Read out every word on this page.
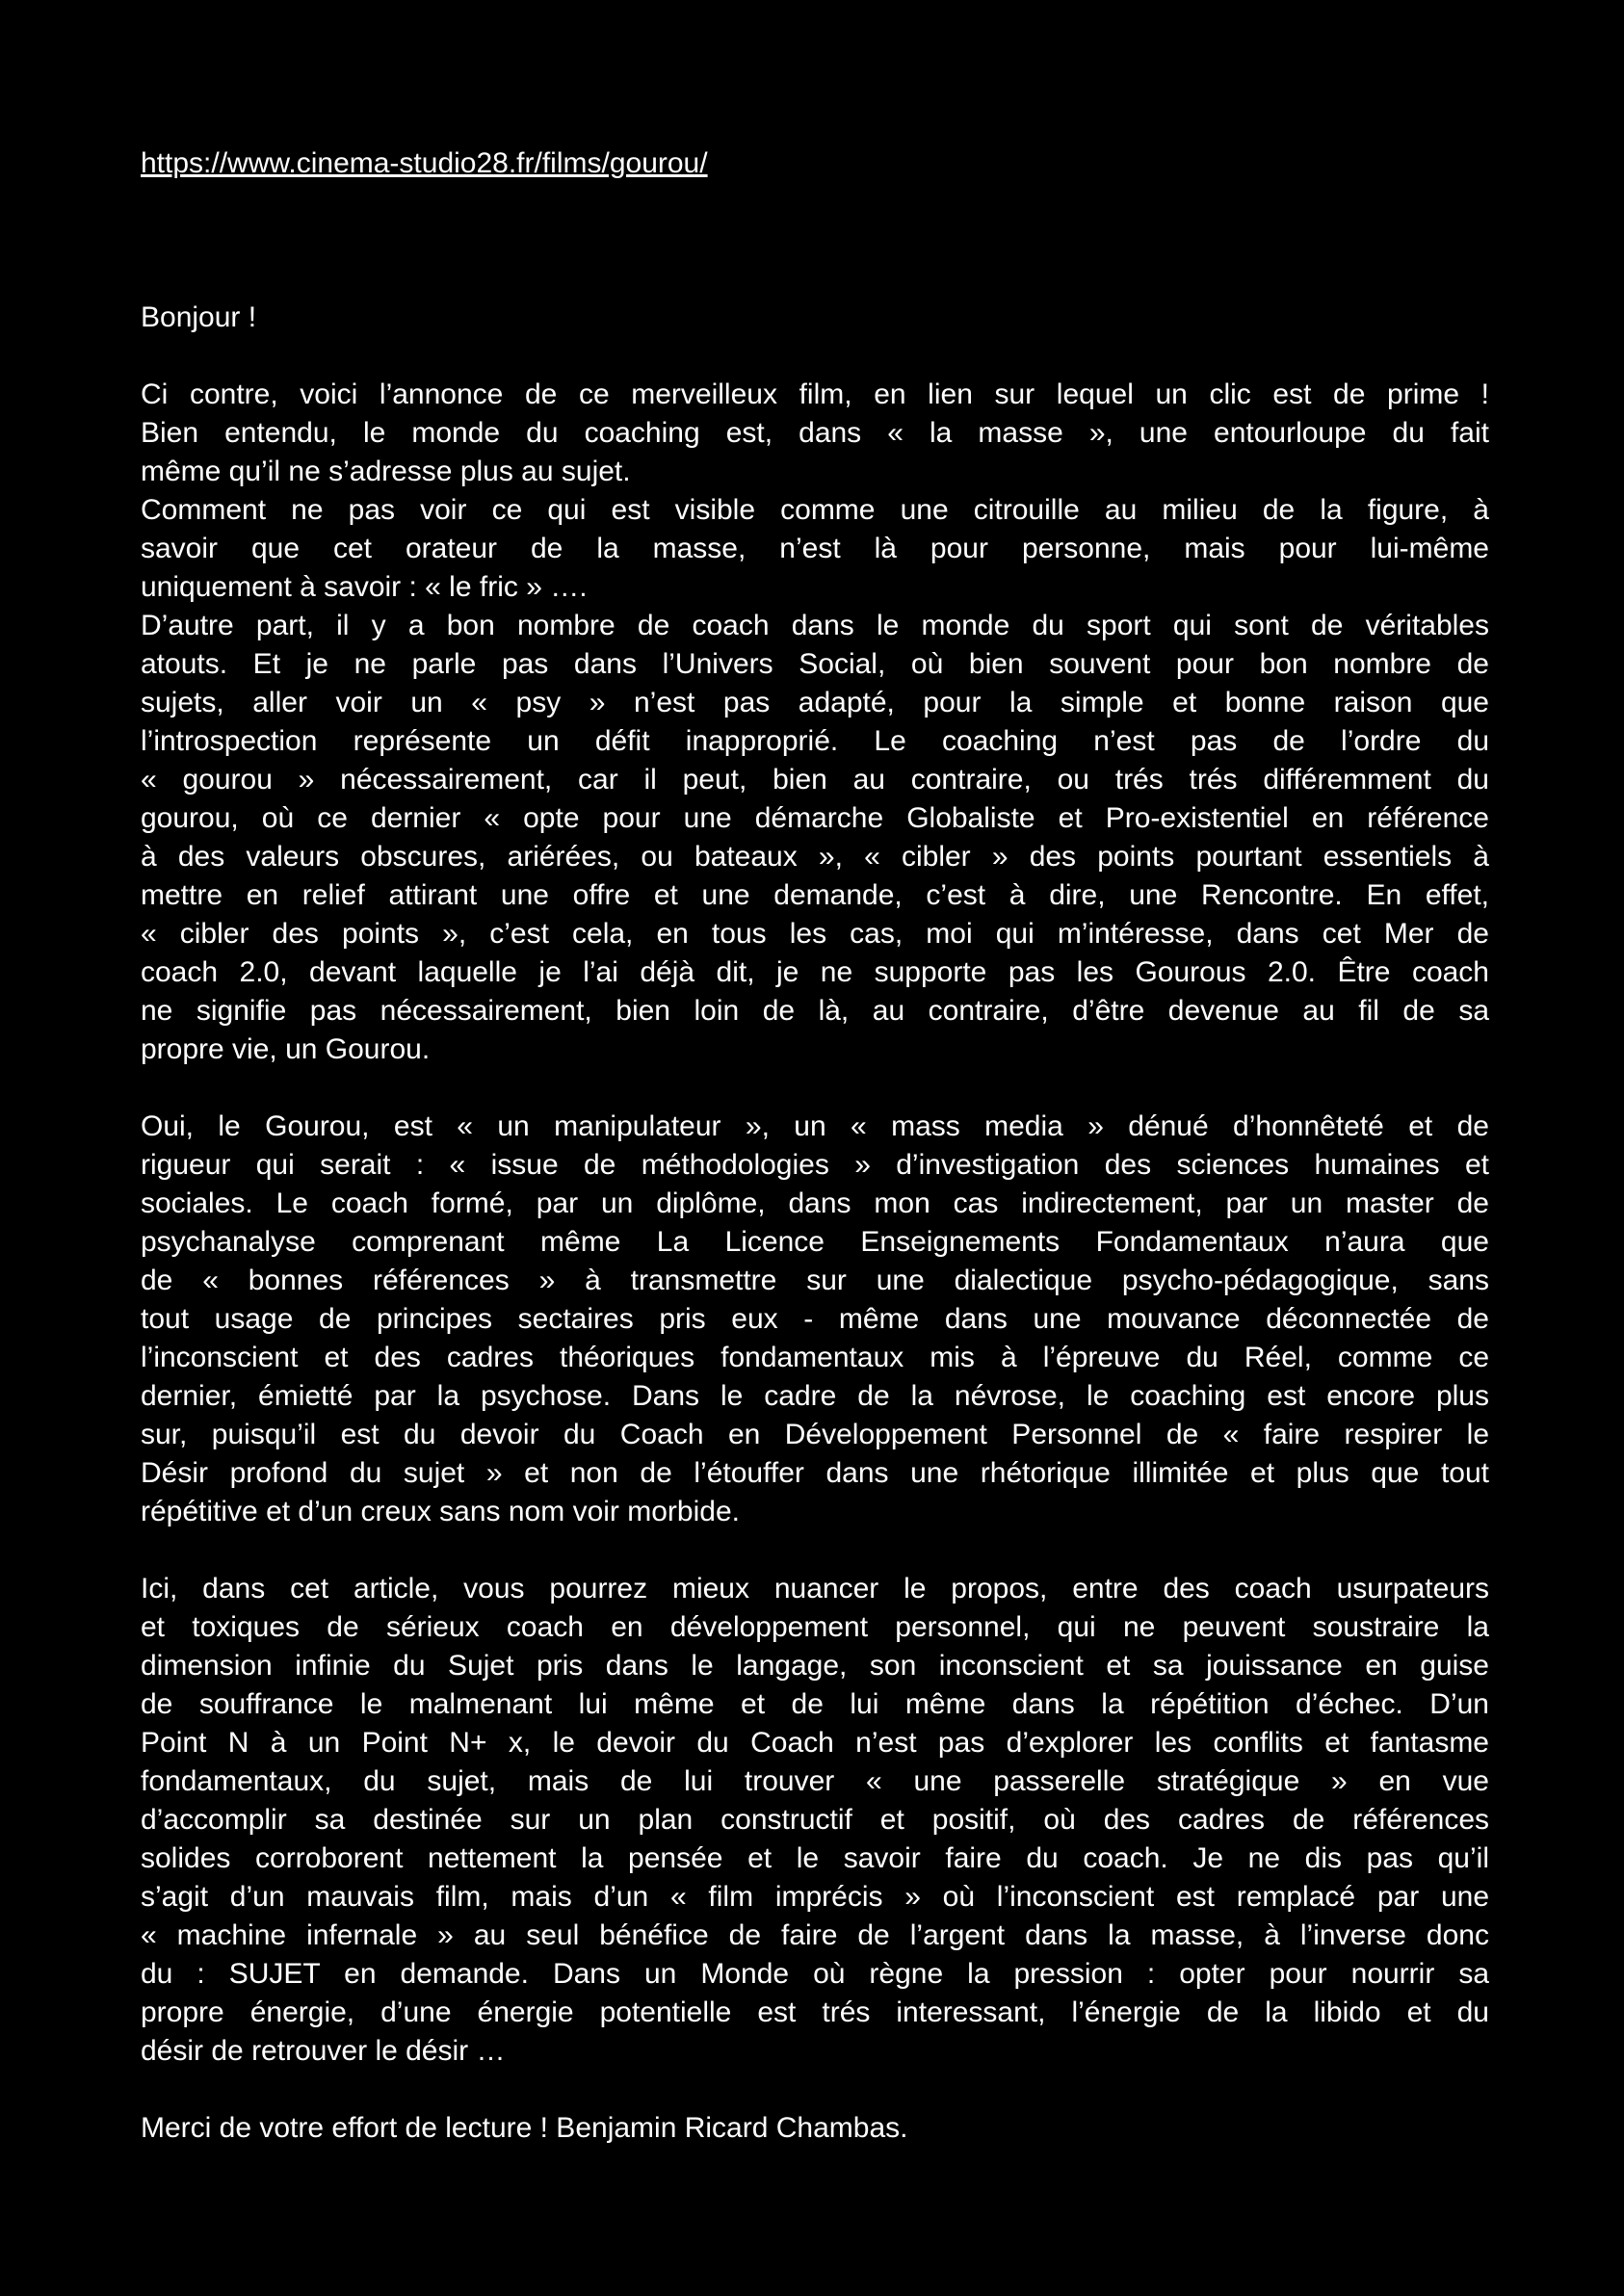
https://www.cinema-studio28.fr/films/gourou/
Bonjour !
Ci contre, voici l’annonce de ce merveilleux film, en lien sur lequel un clic est de prime !
Bien entendu, le monde du coaching est, dans « la masse », une entourloupe du fait
même qu’il ne s’adresse plus au sujet.
Comment ne pas voir ce qui est visible comme une citrouille au milieu de la figure, à
savoir que cet orateur de la masse, n’est là pour personne, mais pour lui-même
uniquement à savoir : « le fric » ….
D’autre part, il y a bon nombre de coach dans le monde du sport qui sont de véritables
atouts. Et je ne parle pas dans l’Univers Social, où bien souvent pour bon nombre de
sujets, aller voir un « psy » n’est pas adapté, pour la simple et bonne raison que
l’introspection représente un défit inapproprié. Le coaching n’est pas de l’ordre du
« gourou » nécessairement, car il peut, bien au contraire, ou trés trés différemment du
gourou, où ce dernier « opte pour une démarche Globaliste et Pro-existentiel en référence
à des valeurs obscures, ariérées, ou bateaux », « cibler » des points pourtant essentiels à
mettre en relief attirant une offre et une demande, c’est à dire, une Rencontre. En effet,
« cibler des points », c’est cela, en tous les cas, moi qui m’intéresse, dans cet Mer de
coach 2.0, devant laquelle je l’ai déjà dit, je ne supporte pas les Gourous 2.0. Être coach
ne signifie pas nécessairement, bien loin de là, au contraire, d’être devenue au fil de sa
propre vie, un Gourou.
Oui, le Gourou, est « un manipulateur », un « mass media » dénué d’honnêteté et de
rigueur qui serait : « issue de méthodologies » d’investigation des sciences humaines et
sociales. Le coach formé, par un diplôme, dans mon cas indirectement, par un master de
psychanalyse comprenant même La Licence Enseignements Fondamentaux n’aura que
de « bonnes références » à transmettre sur une dialectique psycho-pédagogique, sans
tout usage de principes sectaires pris eux - même dans une mouvance déconnectée de
l’inconscient et des cadres théoriques fondamentaux mis à l’épreuve du Réel, comme ce
dernier, émietté par la psychose. Dans le cadre de la névrose, le coaching est encore plus
sur, puisqu’il est du devoir du Coach en Développement Personnel de « faire respirer le
Désir profond du sujet » et non de l’étouffer dans une rhétorique illimitée et plus que tout
répétitive et d’un creux sans nom voir morbide.
Ici, dans cet article, vous pourrez mieux nuancer le propos, entre des coach usurpateurs
et toxiques de sérieux coach en développement personnel, qui ne peuvent soustraire la
dimension infinie du Sujet pris dans le langage, son inconscient et sa jouissance en guise
de souffrance le malmenant lui même et de lui même dans la répétition d’échec. D’un
Point N à un Point N+ x, le devoir du Coach n’est pas d’explorer les conflits et fantasme
fondamentaux, du sujet, mais de lui trouver « une passerelle stratégique » en vue
d’accomplir sa destinée sur un plan constructif et positif, où des cadres de références
solides corroborent nettement la pensée et le savoir faire du coach. Je ne dis pas qu’il
s’agit d’un mauvais film, mais d’un « film imprécis » où l’inconscient est remplacé par une
« machine infernale » au seul bénéfice de faire de l’argent dans la masse, à l’inverse donc
du : SUJET en demande. Dans un Monde où règne la pression : opter pour nourrir sa
propre énergie, d’une énergie potentielle est trés interessant, l’énergie de la libido et du
désir de retrouver le désir …
Merci de votre effort de lecture ! Benjamin Ricard Chambas.
